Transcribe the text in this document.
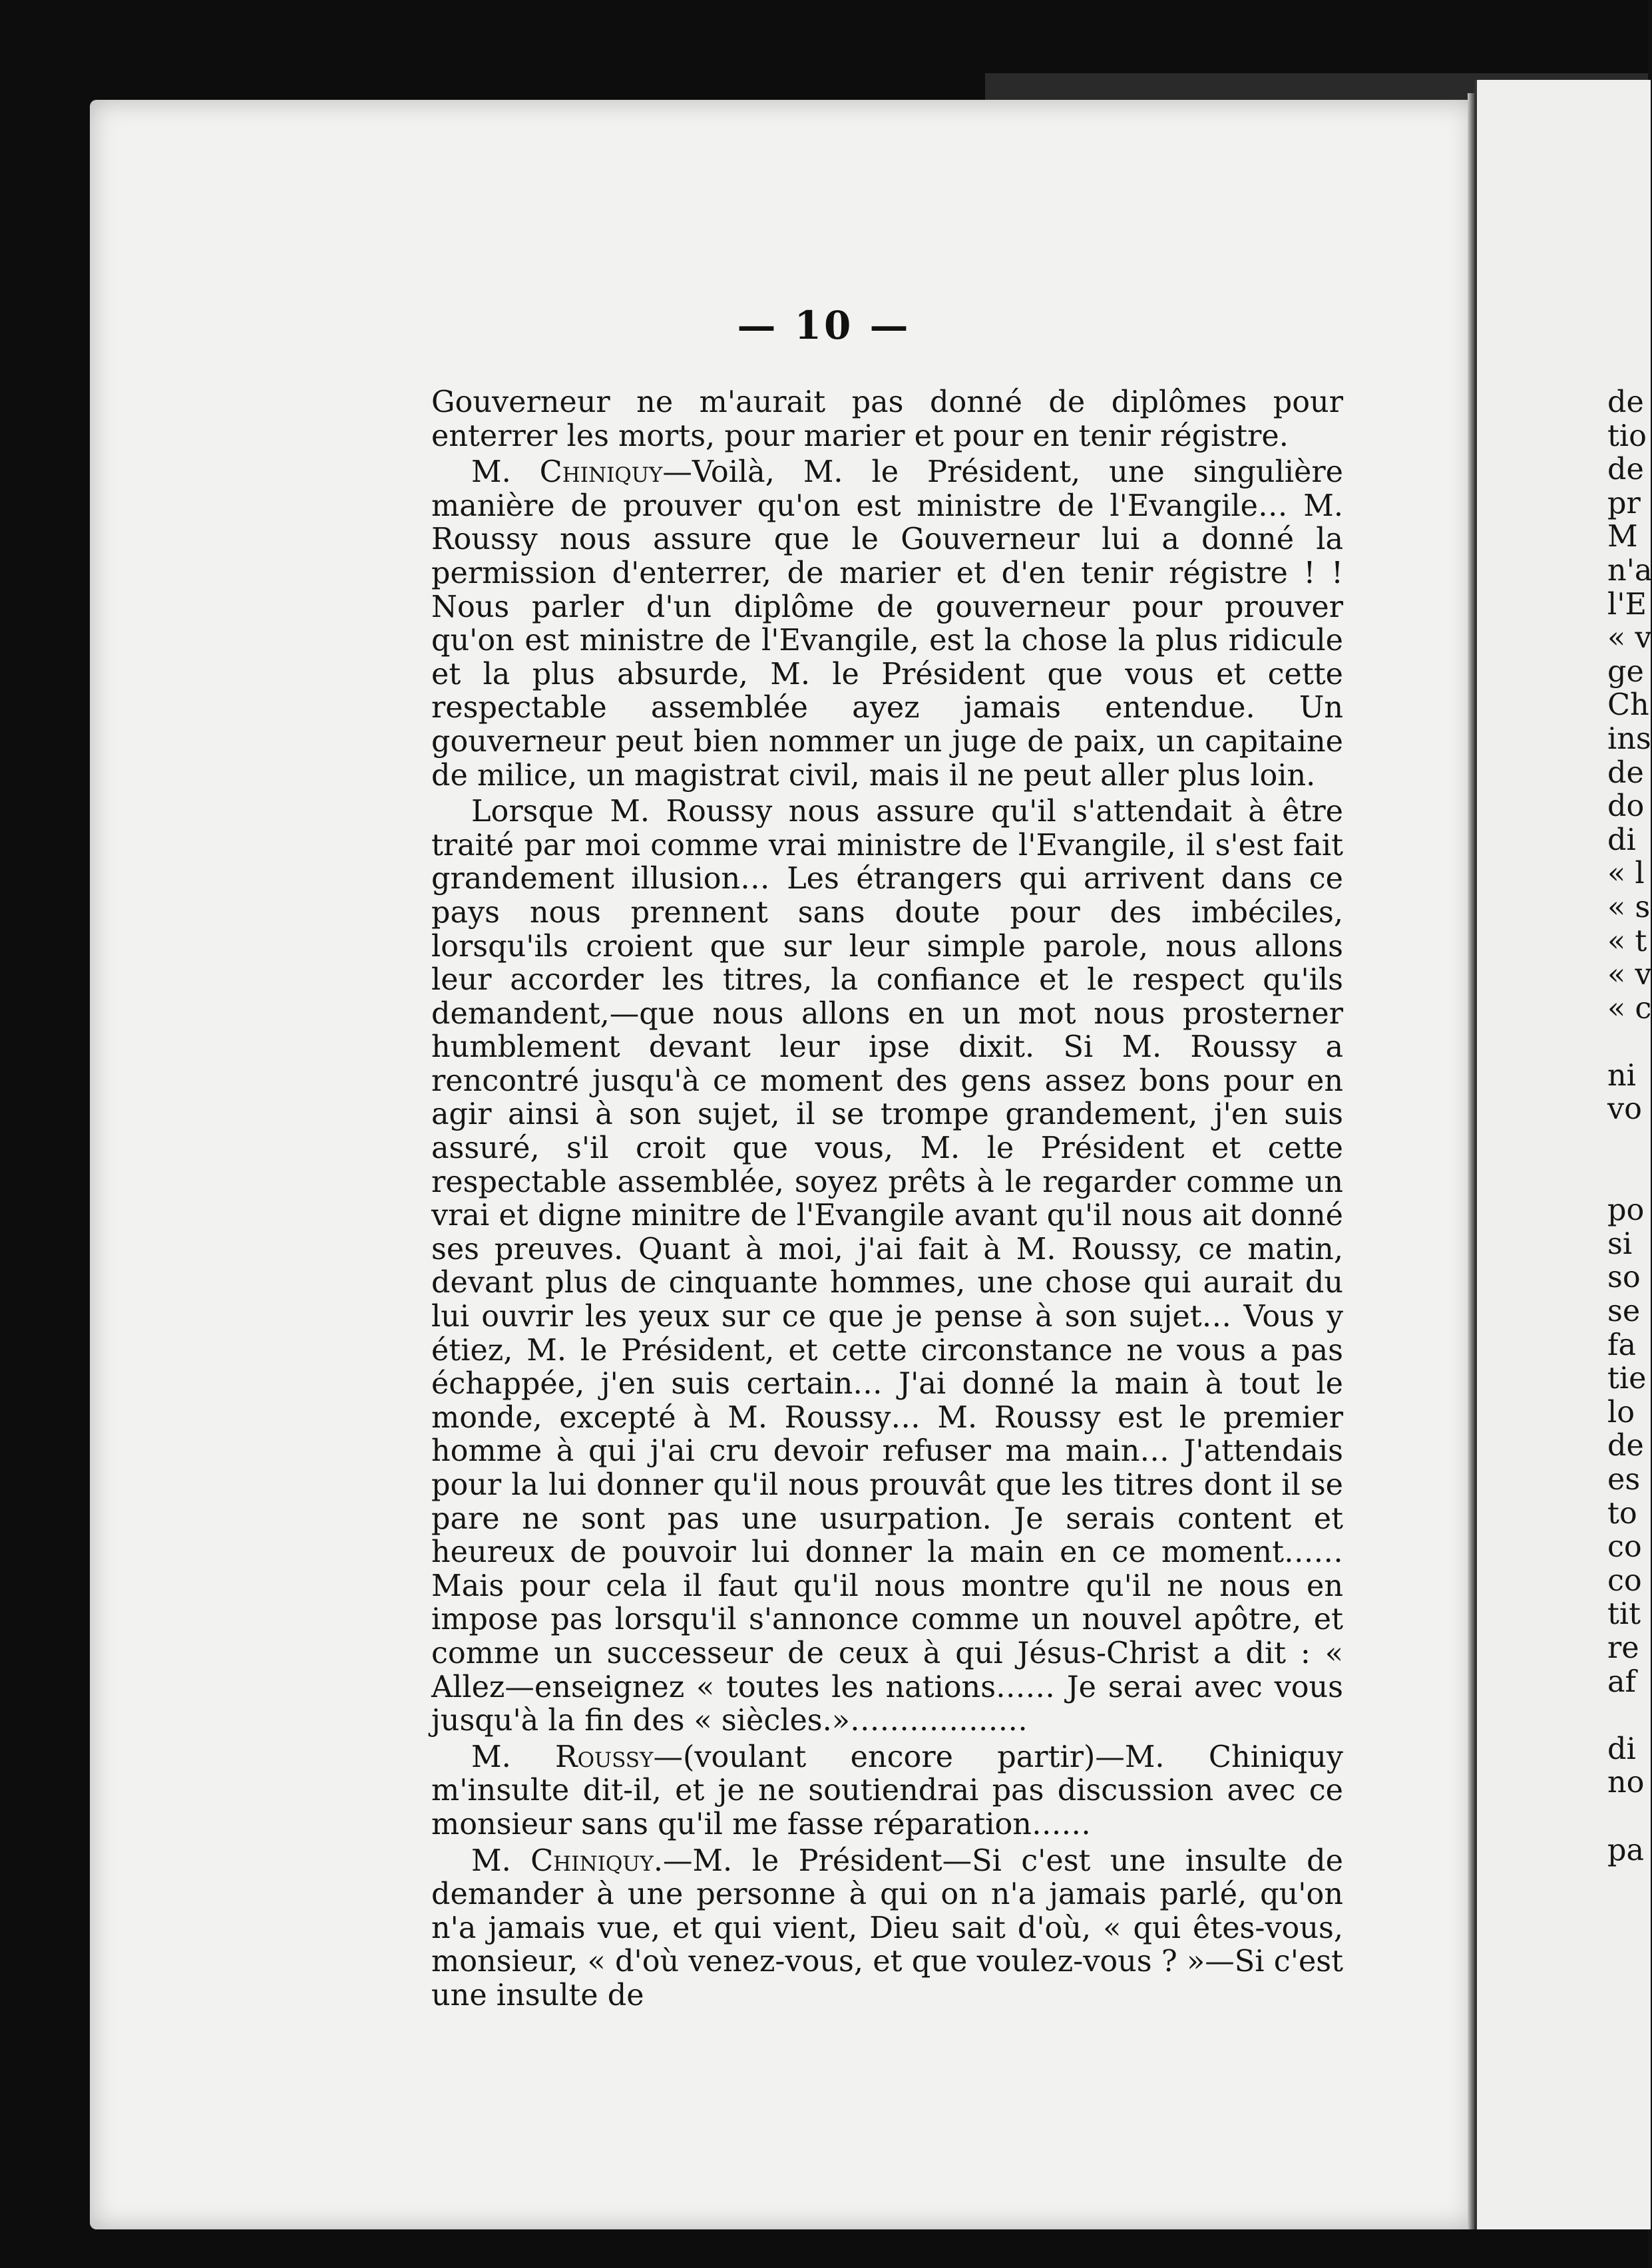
— 10 —

Gouverneur ne m'aurait pas donné de diplômes pour enterrer les morts, pour marier et pour en tenir régistre.

M. Chiniquy—Voilà, M. le Président, une singulière manière de prouver qu'on est ministre de l'Evangile… M. Roussy nous assure que le Gouverneur lui a donné la permission d'enterrer, de marier et d'en tenir régistre ! ! Nous parler d'un diplôme de gouverneur pour prouver qu'on est ministre de l'Evangile, est la chose la plus ridicule et la plus absurde, M. le Président que vous et cette respectable assemblée ayez jamais entendue. Un gouverneur peut bien nommer un juge de paix, un capitaine de milice, un magistrat civil, mais il ne peut aller plus loin.

Lorsque M. Roussy nous assure qu'il s'attendait à être traité par moi comme vrai ministre de l'Evangile, il s'est fait grandement illusion… Les étrangers qui arrivent dans ce pays nous prennent sans doute pour des imbéciles, lorsqu'ils croient que sur leur simple parole, nous allons leur accorder les titres, la confiance et le respect qu'ils demandent,—que nous allons en un mot nous prosterner humblement devant leur ipse dixit. Si M. Roussy a rencontré jusqu'à ce moment des gens assez bons pour en agir ainsi à son sujet, il se trompe grandement, j'en suis assuré, s'il croit que vous, M. le Président et cette respectable assemblée, soyez prêts à le regarder comme un vrai et digne minitre de l'Evangile avant qu'il nous ait donné ses preuves. Quant à moi, j'ai fait à M. Roussy, ce matin, devant plus de cinquante hommes, une chose qui aurait du lui ouvrir les yeux sur ce que je pense à son sujet… Vous y étiez, M. le Président, et cette circonstance ne vous a pas échappée, j'en suis certain… J'ai donné la main à tout le monde, excepté à M. Roussy… M. Roussy est le premier homme à qui j'ai cru devoir refuser ma main… J'attendais pour la lui donner qu'il nous prouvât que les titres dont il se pare ne sont pas une usurpation. Je serais content et heureux de pouvoir lui donner la main en ce moment…… Mais pour cela il faut qu'il nous montre qu'il ne nous en impose pas lorsqu'il s'annonce comme un nouvel apôtre, et comme un successeur de ceux à qui Jésus-Christ a dit : « Allez—enseignez « toutes les nations…… Je serai avec vous jusqu'à la fin des « siècles.»………………

M. Roussy—(voulant encore partir)—M. Chiniquy m'insulte dit-il, et je ne soutiendrai pas discussion avec ce monsieur sans qu'il me fasse réparation……

M. Chiniquy.—M. le Président—Si c'est une insulte de demander à une personne à qui on n'a jamais parlé, qu'on n'a jamais vue, et qui vient, Dieu sait d'où, « qui êtes-vous, monsieur, « d'où venez-vous, et que voulez-vous ? »—Si c'est une insulte de

de
tio
de
pr
M
n'a
l'E
« v
ge
Ch
ins
de
do
di
« l
« s
« t
« v
« c
ni
vo
po
si
so
se
fa
tie
lo
de
es
to
co
co
tit
re
af
di
no
pa
